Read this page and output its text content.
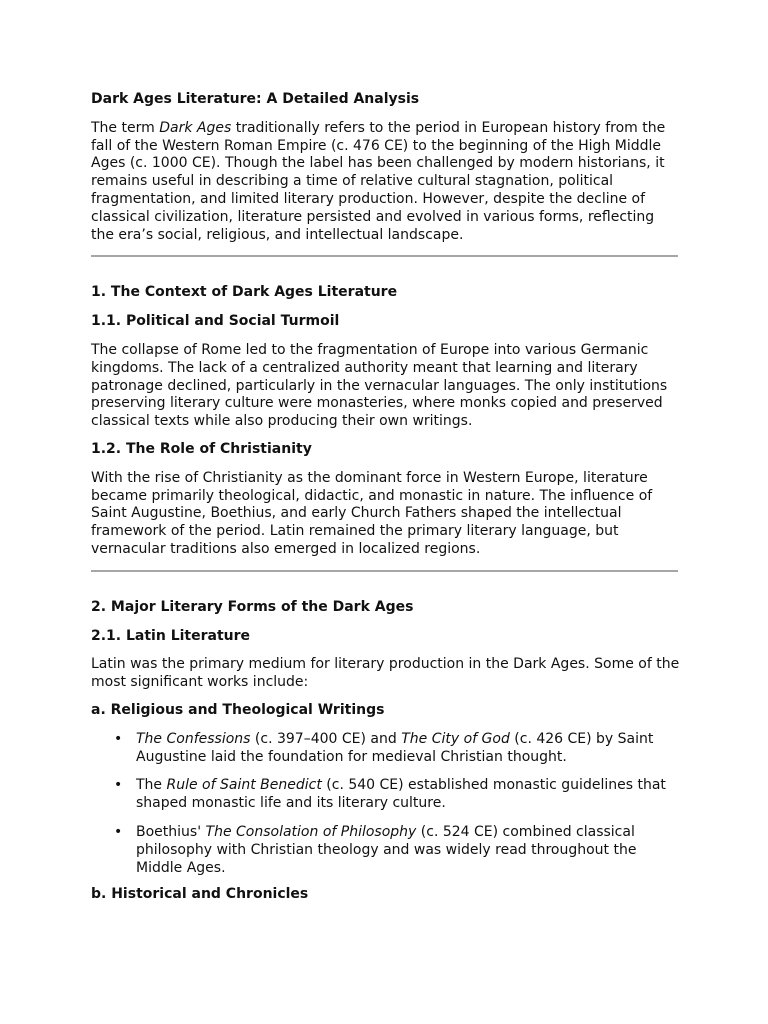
Dark Ages Literature: A Detailed Analysis

The term Dark Ages traditionally refers to the period in European history from the fall of the Western Roman Empire (c. 476 CE) to the beginning of the High Middle Ages (c. 1000 CE). Though the label has been challenged by modern historians, it remains useful in describing a time of relative cultural stagnation, political fragmentation, and limited literary production. However, despite the decline of classical civilization, literature persisted and evolved in various forms, reflecting the era’s social, religious, and intellectual landscape.

1. The Context of Dark Ages Literature
1.1. Political and Social Turmoil

The collapse of Rome led to the fragmentation of Europe into various Germanic kingdoms. The lack of a centralized authority meant that learning and literary patronage declined, particularly in the vernacular languages. The only institutions preserving literary culture were monasteries, where monks copied and preserved classical texts while also producing their own writings.

1.2. The Role of Christianity

With the rise of Christianity as the dominant force in Western Europe, literature became primarily theological, didactic, and monastic in nature. The influence of Saint Augustine, Boethius, and early Church Fathers shaped the intellectual framework of the period. Latin remained the primary literary language, but vernacular traditions also emerged in localized regions.

2. Major Literary Forms of the Dark Ages
2.1. Latin Literature

Latin was the primary medium for literary production in the Dark Ages. Some of the most significant works include:

a. Religious and Theological Writings
• The Confessions (c. 397–400 CE) and The City of God (c. 426 CE) by Saint Augustine laid the foundation for medieval Christian thought.
• The Rule of Saint Benedict (c. 540 CE) established monastic guidelines that shaped monastic life and its literary culture.
• Boethius' The Consolation of Philosophy (c. 524 CE) combined classical philosophy with Christian theology and was widely read throughout the Middle Ages.
b. Historical and Chronicles
